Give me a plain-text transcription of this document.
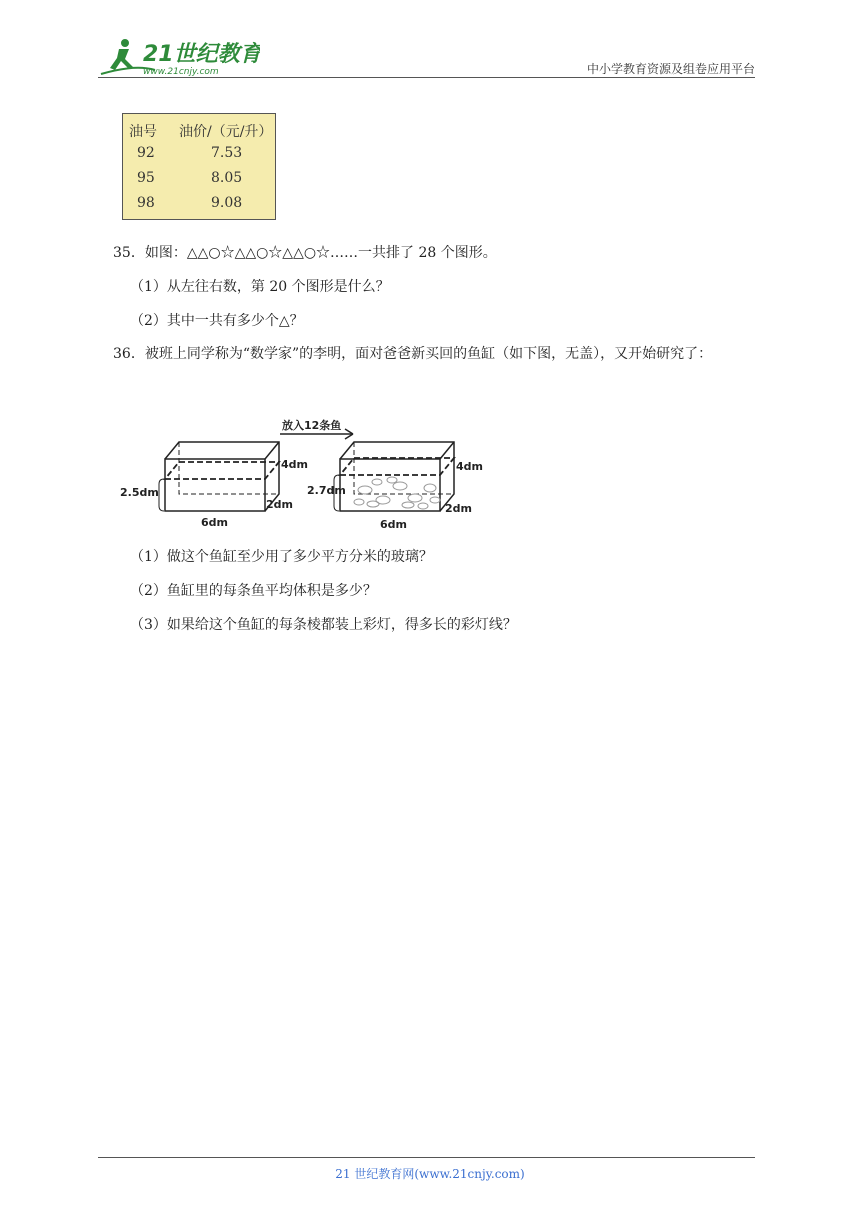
21世纪教育
www.21cnjy.com	中小学教育资源及组卷应用平台
油号 油价/（元/升）
92	7.53
95	8.05
98	9.08
35．如图：△△○☆△△○☆△△○☆……一共排了 28 个图形。
（1）从左往右数，第 20 个图形是什么？
（2）其中一共有多少个△？
36．被班上同学称为“数学家”的李明，面对爸爸新买回的鱼缸（如下图，无盖），又开始研究了：
放入12条鱼
2.5dm
4dm
2dm
6dm
2.7dm
4dm
2dm
6dm
（1）做这个鱼缸至少用了多少平方分米的玻璃？
（2）鱼缸里的每条鱼平均体积是多少？
（3）如果给这个鱼缸的每条棱都装上彩灯，得多长的彩灯线？
21 世纪教育网(www.21cnjy.com)
